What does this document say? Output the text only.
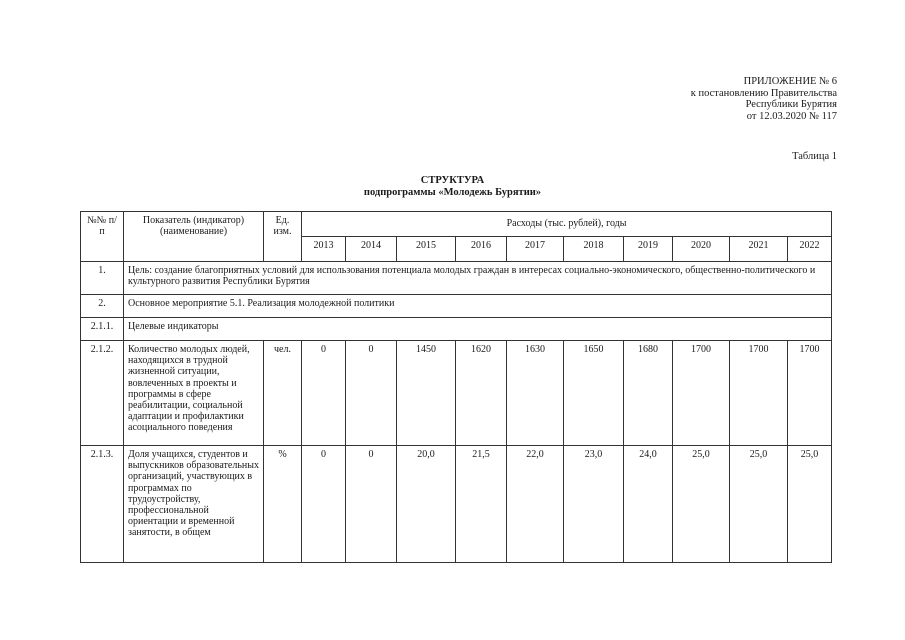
ПРИЛОЖЕНИЕ № 6
к постановлению Правительства
Республики Бурятия
от 12.03.2020 № 117
Таблица 1
СТРУКТУРА
подпрограммы «Молодежь Бурятии»
№№ п/п	Показатель (индикатор) (наименование)	Ед. изм.	Расходы (тыс. рублей), годы									
			2013	2014	2015	2016	2017	2018	2019	2020	2021	2022
1.	Цель: создание благоприятных условий для использования потенциала молодых граждан в интересах социально-экономического, общественно-политического и культурного развития Республики Бурятия											
2.	Основное мероприятие 5.1. Реализация молодежной политики											
2.1.1.	Целевые индикаторы											
2.1.2.	Количество молодых людей, находящихся в трудной жизненной ситуации, вовлеченных в проекты и программы в сфере реабилитации, социальной адаптации и профилактики асоциального поведения	чел.	0	0	1450	1620	1630	1650	1680	1700	1700	1700
2.1.3.	Доля учащихся, студентов и выпускников образовательных организаций, участвующих в программах по трудоустройству, профессиональной ориентации и временной занятости, в общем	%	0	0	20,0	21,5	22,0	23,0	24,0	25,0	25,0	25,0
